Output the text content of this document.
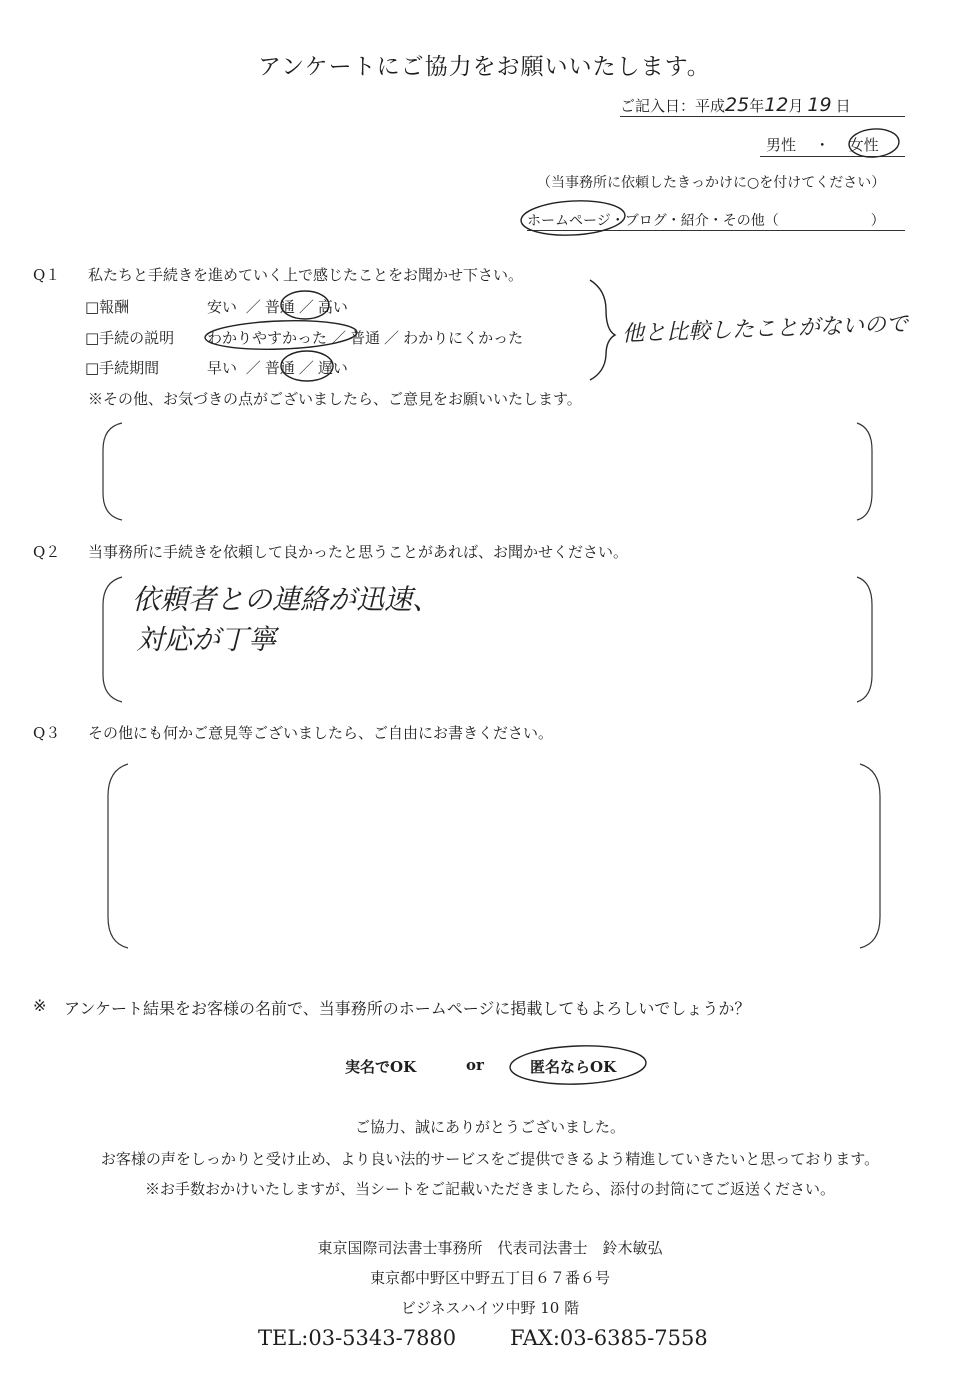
アンケートにご協力をお願いいたします。
ご記入日：平成25年12月 19 日
男性 ・ 女性
（当事務所に依頼したきっかけに○を付けてください）
ホームページ・ブログ・紹介・その他（	）
Q１ 私たちと手続きを進めていく上で感じたことをお聞かせ下さい。
□報酬	安い ／ 普通 ／ 高い
□手続の説明 わかりやすかった ／ 普通 ／ わかりにくかった
□手続期間	早い ／ 普通 ／ 遅い
他と比較したことがないので
※その他、お気づきの点がございましたら、ご意見をお願いいたします。
Q２ 当事務所に手続きを依頼して良かったと思うことがあれば、お聞かせください。
依頼者との連絡が迅速、
対応が丁寧
Q３ その他にも何かご意見等ございましたら、ご自由にお書きください。
※ アンケート結果をお客様の名前で、当事務所のホームページに掲載してもよろしいでしょうか？
実名でOK	or	匿名ならOK
ご協力、誠にありがとうございました。
お客様の声をしっかりと受け止め、より良い法的サービスをご提供できるよう精進していきたいと思っております。
※お手数おかけいたしますが、当シートをご記載いただきましたら、添付の封筒にてご返送ください。
東京国際司法書士事務所　代表司法書士　鈴木敏弘
東京都中野区中野五丁目６７番６号
ビジネスハイツ中野 10 階
TEL:03-5343-7880	FAX:03-6385-7558
